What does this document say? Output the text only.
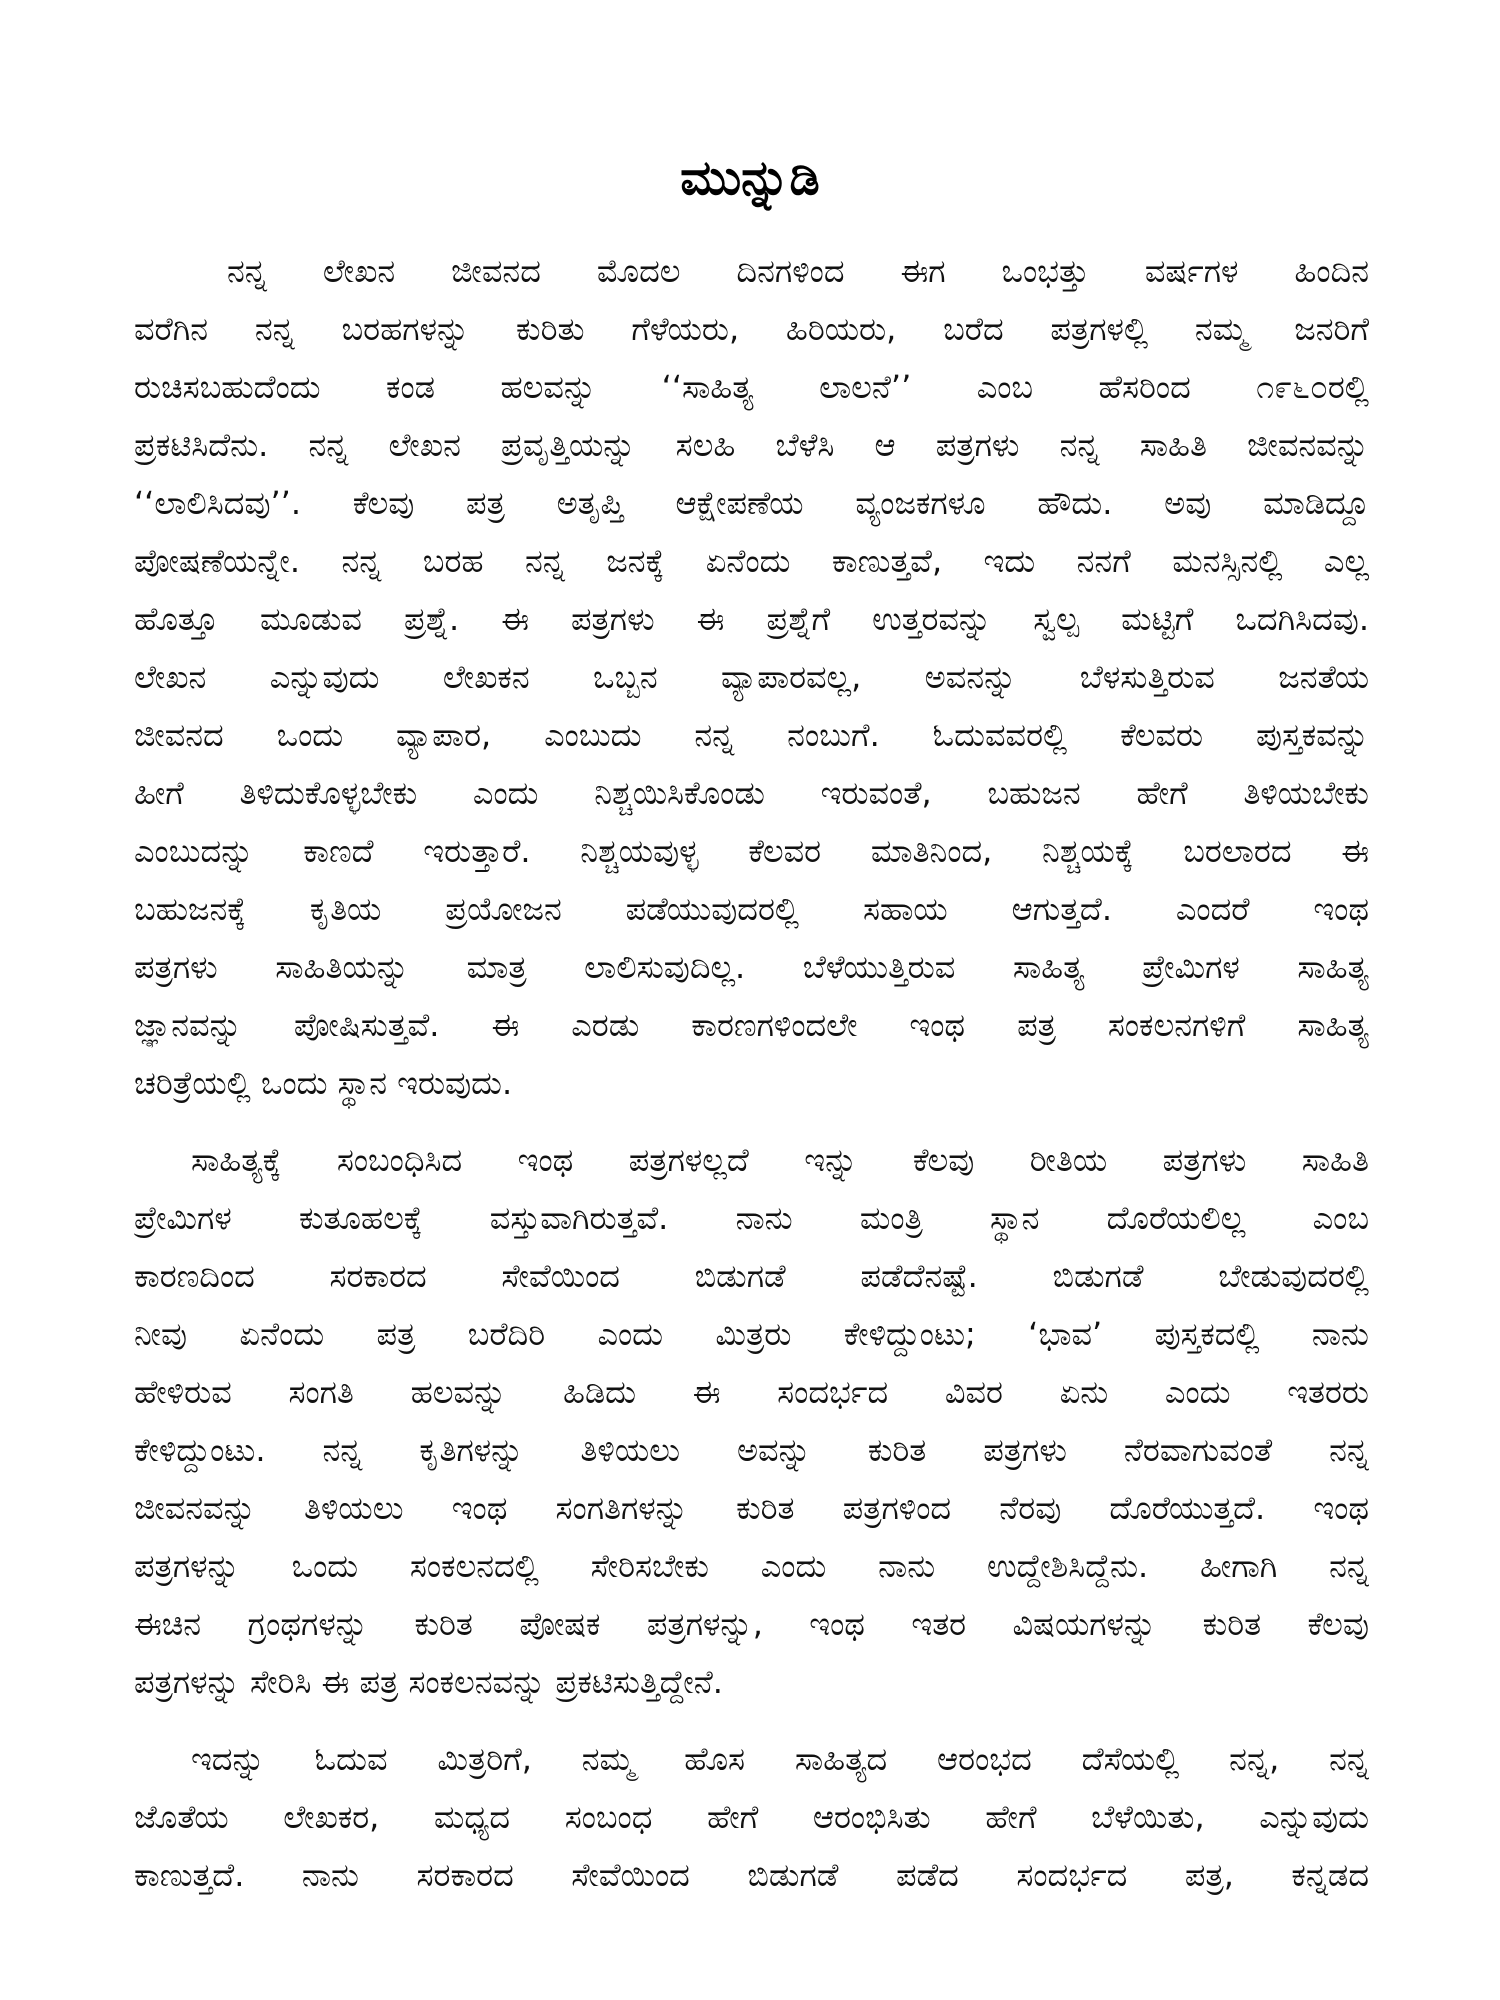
ಮುನ್ನುಡಿ
ನನ್ನ ಲೇಖನ ಜೀವನದ ಮೊದಲ ದಿನಗಳಿಂದ ಈಗ ಒಂಭತ್ತು ವರ್ಷಗಳ ಹಿಂದಿನ
ವರೆಗಿನ ನನ್ನ ಬರಹಗಳನ್ನು ಕುರಿತು ಗೆಳೆಯರು, ಹಿರಿಯರು, ಬರೆದ ಪತ್ರಗಳಲ್ಲಿ ನಮ್ಮ ಜನರಿಗೆ
ರುಚಿಸಬಹುದೆಂದು ಕಂಡ ಹಲವನ್ನು ‘‘ಸಾಹಿತ್ಯ ಲಾಲನೆ’’ ಎಂಬ ಹೆಸರಿಂದ ೧೯೬೦ರಲ್ಲಿ
ಪ್ರಕಟಿಸಿದೆನು. ನನ್ನ ಲೇಖನ ಪ್ರವೃತ್ತಿಯನ್ನು ಸಲಹಿ ಬೆಳೆಸಿ ಆ ಪತ್ರಗಳು ನನ್ನ ಸಾಹಿತಿ ಜೀವನವನ್ನು
‘‘ಲಾಲಿಸಿದವು’’. ಕೆಲವು ಪತ್ರ ಅತೃಪ್ತಿ ಆಕ್ಷೇಪಣೆಯ ವ್ಯಂಜಕಗಳೂ ಹೌದು. ಅವು ಮಾಡಿದ್ದೂ
ಪೋಷಣೆಯನ್ನೇ. ನನ್ನ ಬರಹ ನನ್ನ ಜನಕ್ಕೆ ಏನೆಂದು ಕಾಣುತ್ತವೆ, ಇದು ನನಗೆ ಮನಸ್ಸಿನಲ್ಲಿ ಎಲ್ಲ
ಹೊತ್ತೂ ಮೂಡುವ ಪ್ರಶ್ನೆ. ಈ ಪತ್ರಗಳು ಈ ಪ್ರಶ್ನೆಗೆ ಉತ್ತರವನ್ನು ಸ್ವಲ್ಪ ಮಟ್ಟಿಗೆ ಒದಗಿಸಿದವು.
ಲೇಖನ ಎನ್ನುವುದು ಲೇಖಕನ ಒಬ್ಬನ ವ್ಯಾಪಾರವಲ್ಲ, ಅವನನ್ನು ಬೆಳಸುತ್ತಿರುವ ಜನತೆಯ
ಜೀವನದ ಒಂದು ವ್ಯಾಪಾರ, ಎಂಬುದು ನನ್ನ ನಂಬುಗೆ. ಓದುವವರಲ್ಲಿ ಕೆಲವರು ಪುಸ್ತಕವನ್ನು
ಹೀಗೆ ತಿಳಿದುಕೊಳ್ಳಬೇಕು ಎಂದು ನಿಶ್ಚಯಿಸಿಕೊಂಡು ಇರುವಂತೆ, ಬಹುಜನ ಹೇಗೆ ತಿಳಿಯಬೇಕು
ಎಂಬುದನ್ನು ಕಾಣದೆ ಇರುತ್ತಾರೆ. ನಿಶ್ಚಯವುಳ್ಳ ಕೆಲವರ ಮಾತಿನಿಂದ, ನಿಶ್ಚಯಕ್ಕೆ ಬರಲಾರದ ಈ
ಬಹುಜನಕ್ಕೆ ಕೃತಿಯ ಪ್ರಯೋಜನ ಪಡೆಯುವುದರಲ್ಲಿ ಸಹಾಯ ಆಗುತ್ತದೆ. ಎಂದರೆ ಇಂಥ
ಪತ್ರಗಳು ಸಾಹಿತಿಯನ್ನು ಮಾತ್ರ ಲಾಲಿಸುವುದಿಲ್ಲ. ಬೆಳೆಯುತ್ತಿರುವ ಸಾಹಿತ್ಯ ಪ್ರೇಮಿಗಳ ಸಾಹಿತ್ಯ
ಜ್ಞಾನವನ್ನು ಪೋಷಿಸುತ್ತವೆ. ಈ ಎರಡು ಕಾರಣಗಳಿಂದಲೇ ಇಂಥ ಪತ್ರ ಸಂಕಲನಗಳಿಗೆ ಸಾಹಿತ್ಯ
ಚರಿತ್ರೆಯಲ್ಲಿ ಒಂದು ಸ್ಥಾನ ಇರುವುದು.
ಸಾಹಿತ್ಯಕ್ಕೆ ಸಂಬಂಧಿಸಿದ ಇಂಥ ಪತ್ರಗಳಲ್ಲದೆ ಇನ್ನು ಕೆಲವು ರೀತಿಯ ಪತ್ರಗಳು ಸಾಹಿತಿ
ಪ್ರೇಮಿಗಳ ಕುತೂಹಲಕ್ಕೆ ವಸ್ತುವಾಗಿರುತ್ತವೆ. ನಾನು ಮಂತ್ರಿ ಸ್ಥಾನ ದೊರೆಯಲಿಲ್ಲ ಎಂಬ
ಕಾರಣದಿಂದ ಸರಕಾರದ ಸೇವೆಯಿಂದ ಬಿಡುಗಡೆ ಪಡೆದೆನಷ್ಟೆ. ಬಿಡುಗಡೆ ಬೇಡುವುದರಲ್ಲಿ
ನೀವು ಏನೆಂದು ಪತ್ರ ಬರೆದಿರಿ ಎಂದು ಮಿತ್ರರು ಕೇಳಿದ್ದುಂಟು; ‘ಭಾವ’ ಪುಸ್ತಕದಲ್ಲಿ ನಾನು
ಹೇಳಿರುವ ಸಂಗತಿ ಹಲವನ್ನು ಹಿಡಿದು ಈ ಸಂದರ್ಭದ ವಿವರ ಏನು ಎಂದು ಇತರರು
ಕೇಳಿದ್ದುಂಟು. ನನ್ನ ಕೃತಿಗಳನ್ನು ತಿಳಿಯಲು ಅವನ್ನು ಕುರಿತ ಪತ್ರಗಳು ನೆರವಾಗುವಂತೆ ನನ್ನ
ಜೀವನವನ್ನು ತಿಳಿಯಲು ಇಂಥ ಸಂಗತಿಗಳನ್ನು ಕುರಿತ ಪತ್ರಗಳಿಂದ ನೆರವು ದೊರೆಯುತ್ತದೆ. ಇಂಥ
ಪತ್ರಗಳನ್ನು ಒಂದು ಸಂಕಲನದಲ್ಲಿ ಸೇರಿಸಬೇಕು ಎಂದು ನಾನು ಉದ್ದೇಶಿಸಿದ್ದೆನು. ಹೀಗಾಗಿ ನನ್ನ
ಈಚಿನ ಗ್ರಂಥಗಳನ್ನು ಕುರಿತ ಪೋಷಕ ಪತ್ರಗಳನ್ನು, ಇಂಥ ಇತರ ವಿಷಯಗಳನ್ನು ಕುರಿತ ಕೆಲವು
ಪತ್ರಗಳನ್ನು ಸೇರಿಸಿ ಈ ಪತ್ರ ಸಂಕಲನವನ್ನು ಪ್ರಕಟಿಸುತ್ತಿದ್ದೇನೆ.
ಇದನ್ನು ಓದುವ ಮಿತ್ರರಿಗೆ, ನಮ್ಮ ಹೊಸ ಸಾಹಿತ್ಯದ ಆರಂಭದ ದೆಸೆಯಲ್ಲಿ ನನ್ನ, ನನ್ನ
ಜೊತೆಯ ಲೇಖಕರ, ಮಧ್ಯದ ಸಂಬಂಧ ಹೇಗೆ ಆರಂಭಿಸಿತು ಹೇಗೆ ಬೆಳೆಯಿತು, ಎನ್ನುವುದು
ಕಾಣುತ್ತದೆ. ನಾನು ಸರಕಾರದ ಸೇವೆಯಿಂದ ಬಿಡುಗಡೆ ಪಡೆದ ಸಂದರ್ಭದ ಪತ್ರ, ಕನ್ನಡದ
